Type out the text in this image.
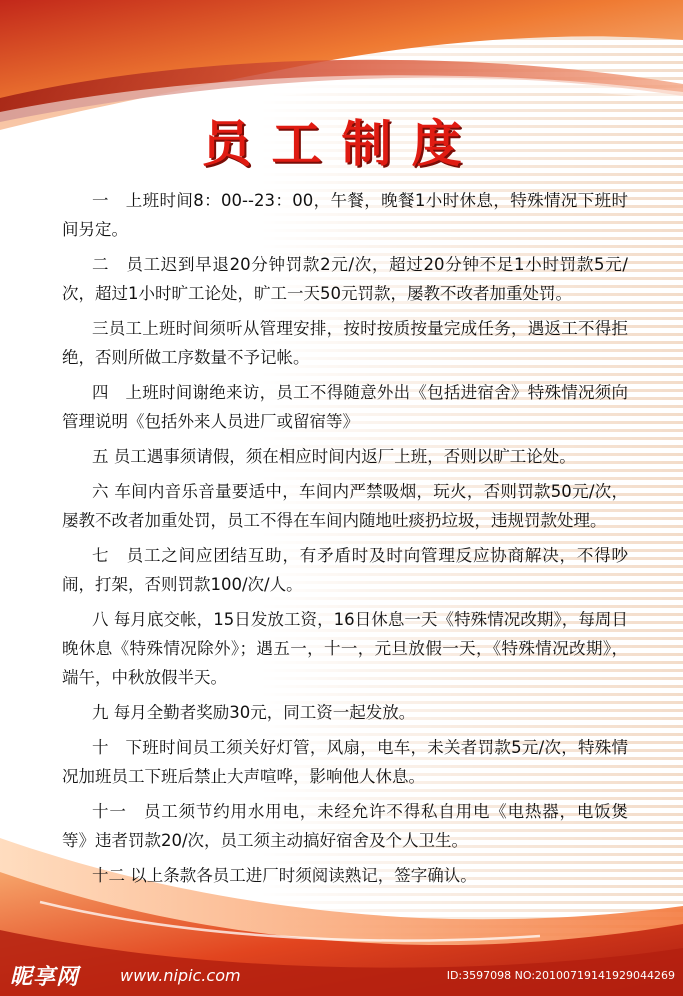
员工制度

一　上班时间8：00--23：00，午餐，晚餐1小时休息，特殊情况下班时间另定。

二　员工迟到早退20分钟罚款2元/次，超过20分钟不足1小时罚款5元/次，超过1小时旷工论处，旷工一天50元罚款，屡教不改者加重处罚。

三员工上班时间须听从管理安排，按时按质按量完成任务，遇返工不得拒绝，否则所做工序数量不予记帐。

四　上班时间谢绝来访，员工不得随意外出《包括进宿舍》特殊情况须向管理说明《包括外来人员进厂或留宿等》

五 员工遇事须请假，须在相应时间内返厂上班，否则以旷工论处。

六 车间内音乐音量要适中，车间内严禁吸烟，玩火，否则罚款50元/次，屡教不改者加重处罚，员工不得在车间内随地吐痰扔垃圾，违规罚款处理。

七　员工之间应团结互助，有矛盾时及时向管理反应协商解决，不得吵闹，打架，否则罚款100/次/人。

八 每月底交帐，15日发放工资，16日休息一天《特殊情况改期》，每周日晚休息《特殊情况除外》；遇五一，十一，元旦放假一天，《特殊情况改期》，端午，中秋放假半天。

九 每月全勤者奖励30元，同工资一起发放。

十　下班时间员工须关好灯管，风扇，电车，未关者罚款5元/次，特殊情况加班员工下班后禁止大声喧哗，影响他人休息。

十一　员工须节约用水用电，未经允许不得私自用电《电热器，电饭煲等》违者罚款20/次，员工须主动搞好宿舍及个人卫生。

十二 以上条款各员工进厂时须阅读熟记，签字确认。

昵享网	www.nipic.com	ID:3597098 NO:20100719141929044269
